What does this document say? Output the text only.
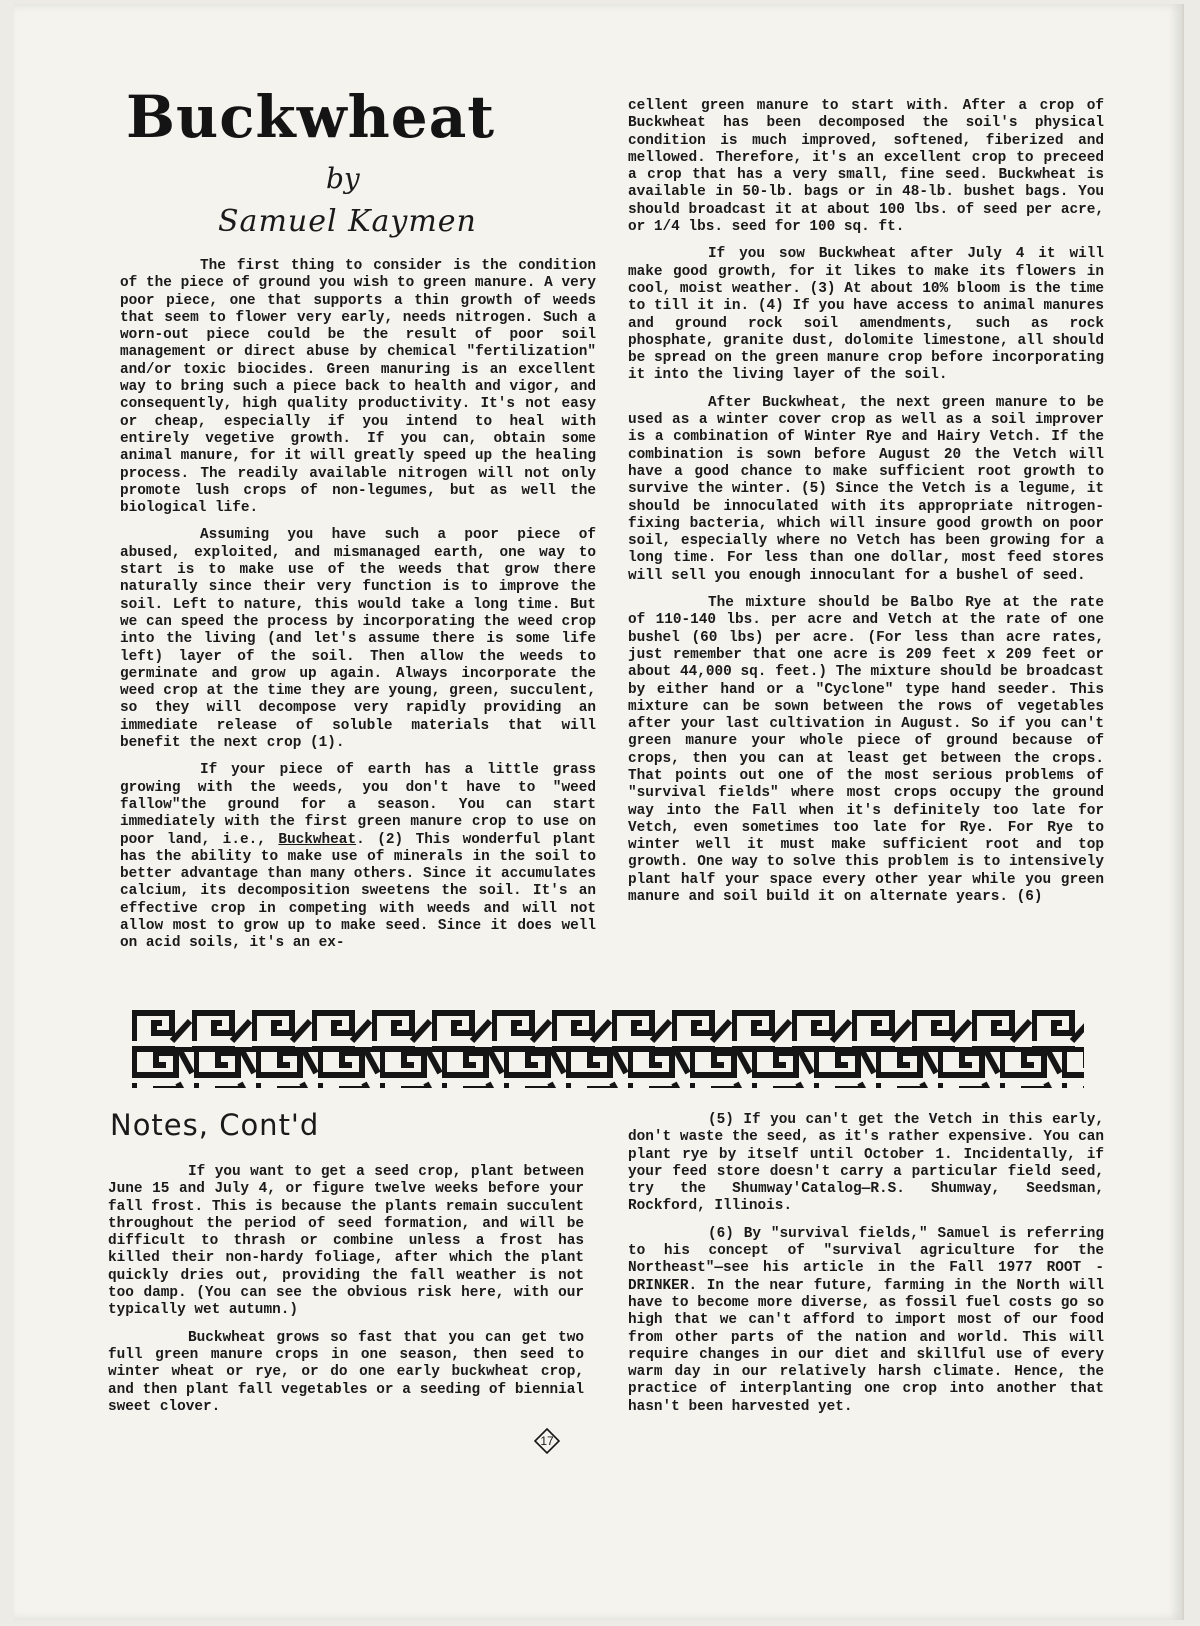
Buckwheat
by
Samuel Kaymen

The first thing to consider is the condition of the piece of ground you wish to green manure. A very poor piece, one that supports a thin growth of weeds that seem to flower very early, needs nitrogen. Such a worn-out piece could be the result of poor soil management or direct abuse by chemical "fertilization" and/or toxic biocides. Green manuring is an excellent way to bring such a piece back to health and vigor, and consequently, high quality productivity. It's not easy or cheap, especially if you intend to heal with entirely vegetive growth. If you can, obtain some animal manure, for it will greatly speed up the healing process. The readily available nitrogen will not only promote lush crops of non-legumes, but as well the biological life.

Assuming you have such a poor piece of abused, exploited, and mismanaged earth, one way to start is to make use of the weeds that grow there naturally since their very function is to improve the soil. Left to nature, this would take a long time. But we can speed the process by incorporating the weed crop into the living (and let's assume there is some life left) layer of the soil. Then allow the weeds to germinate and grow up again. Always incorporate the weed crop at the time they are young, green, succulent, so they will decompose very rapidly providing an immediate release of soluble materials that will benefit the next crop (1).

If your piece of earth has a little grass growing with the weeds, you don't have to "weed fallow"the ground for a season. You can start immediately with the first green manure crop to use on poor land, i.e., Buckwheat. (2) This wonderful plant has the ability to make use of minerals in the soil to better advantage than many others. Since it accumulates calcium, its decomposition sweetens the soil. It's an effective crop in competing with weeds and will not allow most to grow up to make seed. Since it does well on acid soils, it's an ex-

cellent green manure to start with. After a crop of Buckwheat has been decomposed the soil's physical condition is much improved, softened, fiberized and mellowed. Therefore, it's an excellent crop to preceed a crop that has a very small, fine seed. Buckwheat is available in 50-lb. bags or in 48-lb. bushet bags. You should broadcast it at about 100 lbs. of seed per acre, or 1/4 lbs. seed for 100 sq. ft.

If you sow Buckwheat after July 4 it will make good growth, for it likes to make its flowers in cool, moist weather. (3) At about 10% bloom is the time to till it in. (4) If you have access to animal manures and ground rock soil amendments, such as rock phosphate, granite dust, dolomite limestone, all should be spread on the green manure crop before incorporating it into the living layer of the soil.

After Buckwheat, the next green manure to be used as a winter cover crop as well as a soil improver is a combination of Winter Rye and Hairy Vetch. If the combination is sown before August 20 the Vetch will have a good chance to make sufficient root growth to survive the winter. (5) Since the Vetch is a legume, it should be innoculated with its appropriate nitrogen-fixing bacteria, which will insure good growth on poor soil, especially where no Vetch has been growing for a long time. For less than one dollar, most feed stores will sell you enough innoculant for a bushel of seed.

The mixture should be Balbo Rye at the rate of 110-140 lbs. per acre and Vetch at the rate of one bushel (60 lbs) per acre. (For less than acre rates, just remember that one acre is 209 feet x 209 feet or about 44,000 sq. feet.) The mixture should be broadcast by either hand or a "Cyclone" type hand seeder. This mixture can be sown between the rows of vegetables after your last cultivation in August. So if you can't green manure your whole piece of ground because of crops, then you can at least get between the crops. That points out one of the most serious problems of "survival fields" where most crops occupy the ground way into the Fall when it's definitely too late for Vetch, even sometimes too late for Rye. For Rye to winter well it must make sufficient root and top growth. One way to solve this problem is to intensively plant half your space every other year while you green manure and soil build it on alternate years. (6)

Notes, Cont'd

If you want to get a seed crop, plant between June 15 and July 4, or figure twelve weeks before your fall frost. This is because the plants remain succulent throughout the period of seed formation, and will be difficult to thrash or combine unless a frost has killed their non-hardy foliage, after which the plant quickly dries out, providing the fall weather is not too damp. (You can see the obvious risk here, with our typically wet autumn.)

Buckwheat grows so fast that you can get two full green manure crops in one season, then seed to winter wheat or rye, or do one early buckwheat crop, and then plant fall vegetables or a seeding of biennial sweet clover.

(5) If you can't get the Vetch in this early, don't waste the seed, as it's rather expensive. You can plant rye by itself until October 1. Incidentally, if your feed store doesn't carry a particular field seed, try the Shumway'Catalog—R.S. Shumway, Seedsman, Rockford, Illinois.

(6) By "survival fields," Samuel is referring to his concept of "survival agriculture for the Northeast"—see his article in the Fall 1977 ROOT - DRINKER. In the near future, farming in the North will have to become more diverse, as fossil fuel costs go so high that we can't afford to import most of our food from other parts of the nation and world. This will require changes in our diet and skillful use of every warm day in our relatively harsh climate. Hence, the practice of interplanting one crop into another that hasn't been harvested yet.

17
